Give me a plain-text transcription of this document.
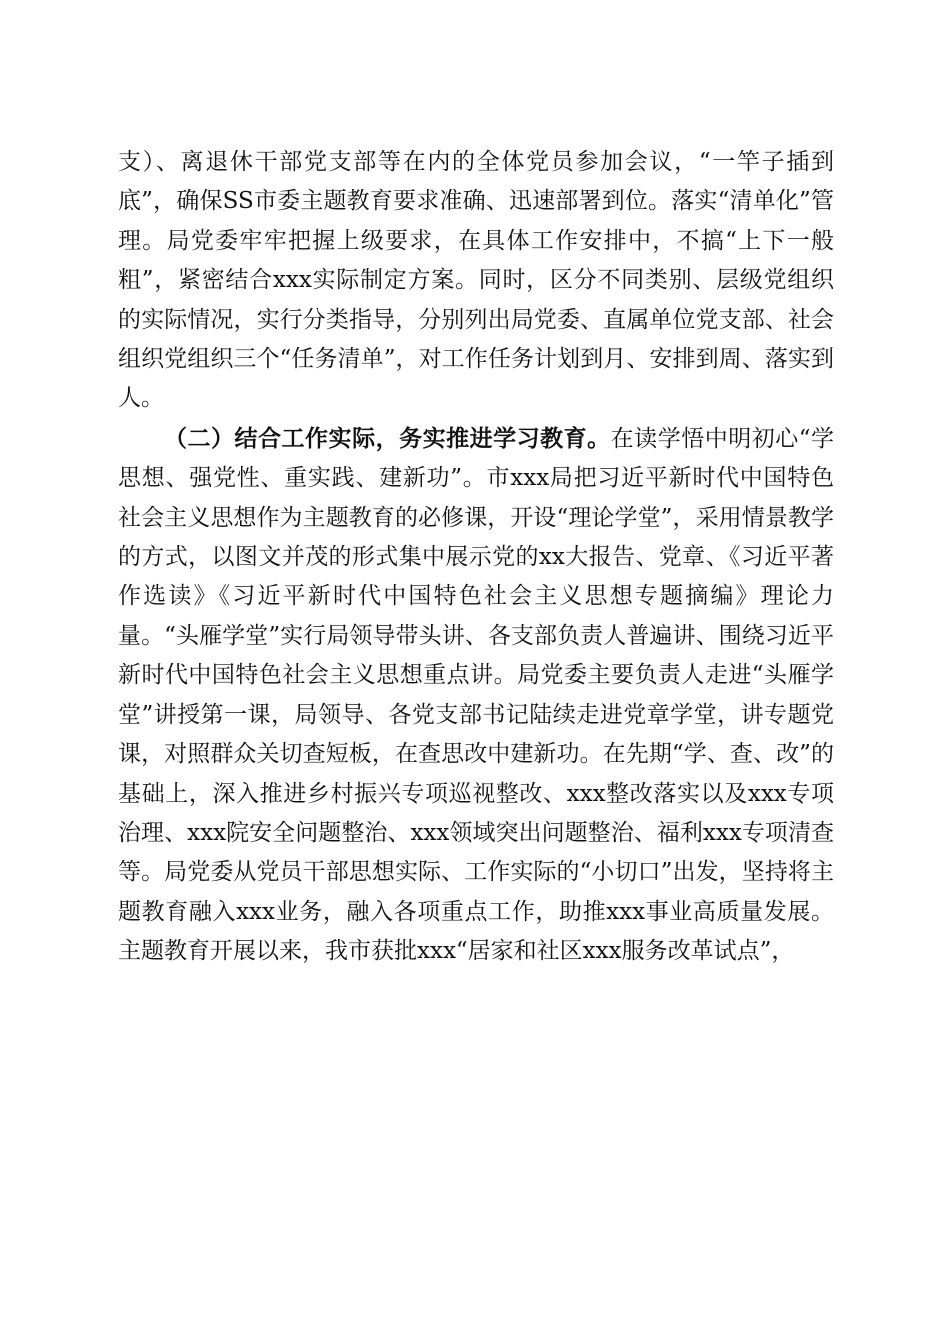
支）、离退休干部党支部等在内的全体党员参加会议，“一竿子插到底”，确保SS市委主题教育要求准确、迅速部署到位。落实“清单化”管理。局党委牢牢把握上级要求，在具体工作安排中，不搞“上下一般粗”，紧密结合xxx实际制定方案。同时，区分不同类别、层级党组织的实际情况，实行分类指导，分别列出局党委、直属单位党支部、社会组织党组织三个“任务清单”，对工作任务计划到月、安排到周、落实到人。

（二）结合工作实际，务实推进学习教育。在读学悟中明初心“学思想、强党性、重实践、建新功”。市xxx局把习近平新时代中国特色社会主义思想作为主题教育的必修课，开设“理论学堂”，采用情景教学的方式，以图文并茂的形式集中展示党的xx大报告、党章、《习近平著作选读》《习近平新时代中国特色社会主义思想专题摘编》理论力量。“头雁学堂”实行局领导带头讲、各支部负责人普遍讲、围绕习近平新时代中国特色社会主义思想重点讲。局党委主要负责人走进“头雁学堂”讲授第一课，局领导、各党支部书记陆续走进党章学堂，讲专题党课，对照群众关切查短板，在查思改中建新功。在先期“学、查、改”的基础上，深入推进乡村振兴专项巡视整改、xxx整改落实以及xxx专项治理、xxx院安全问题整治、xxx领域突出问题整治、福利xxx专项清查等。局党委从党员干部思想实际、工作实际的“小切口”出发，坚持将主题教育融入xxx业务，融入各项重点工作，助推xxx事业高质量发展。主题教育开展以来，我市获批xxx“居家和社区xxx服务改革试点”，
